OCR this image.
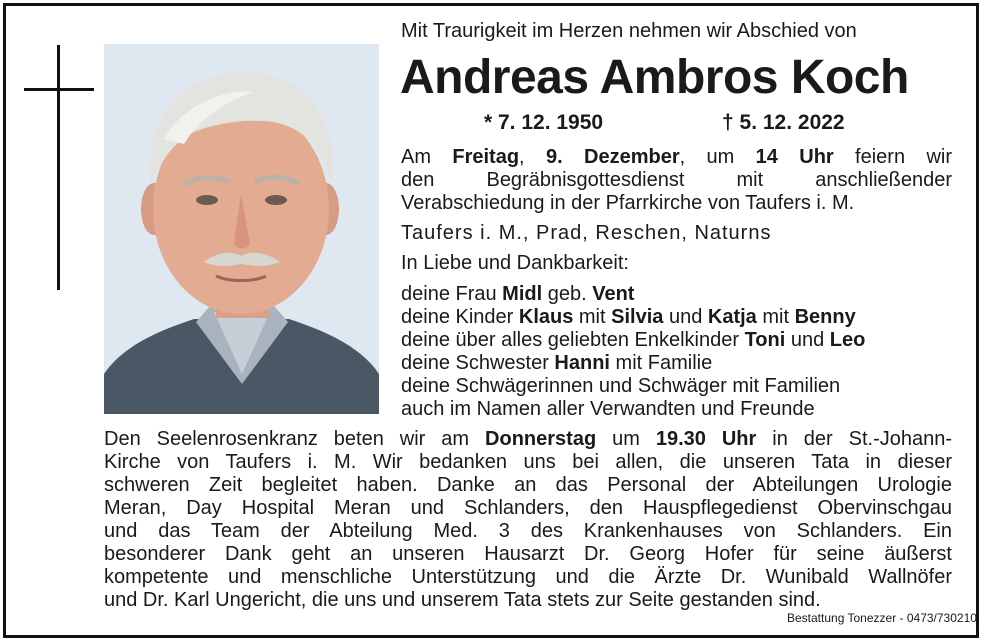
Mit Traurigkeit im Herzen nehmen wir Abschied von
Andreas Ambros Koch
* 7. 12. 1950	† 5. 12. 2022
Am Freitag, 9. Dezember, um 14 Uhr feiern wir
den Begräbnisgottesdienst mit anschließender
Verabschiedung in der Pfarrkirche von Taufers i. M.
Taufers i. M., Prad, Reschen, Naturns
In Liebe und Dankbarkeit:
deine Frau Midl geb. Vent
deine Kinder Klaus mit Silvia und Katja mit Benny
deine über alles geliebten Enkelkinder Toni und Leo
deine Schwester Hanni mit Familie
deine Schwägerinnen und Schwäger mit Familien
auch im Namen aller Verwandten und Freunde
Den Seelenrosenkranz beten wir am Donnerstag um 19.30 Uhr in der St.-Johann-
Kirche von Taufers i. M. Wir bedanken uns bei allen, die unseren Tata in dieser
schweren Zeit begleitet haben. Danke an das Personal der Abteilungen Urologie
Meran, Day Hospital Meran und Schlanders, den Hauspflegedienst Obervinschgau
und das Team der Abteilung Med. 3 des Krankenhauses von Schlanders. Ein
besonderer Dank geht an unseren Hausarzt Dr. Georg Hofer für seine äußerst
kompetente und menschliche Unterstützung und die Ärzte Dr. Wunibald Wallnöfer
und Dr. Karl Ungericht, die uns und unserem Tata stets zur Seite gestanden sind.
Bestattung Tonezzer - 0473/730210
